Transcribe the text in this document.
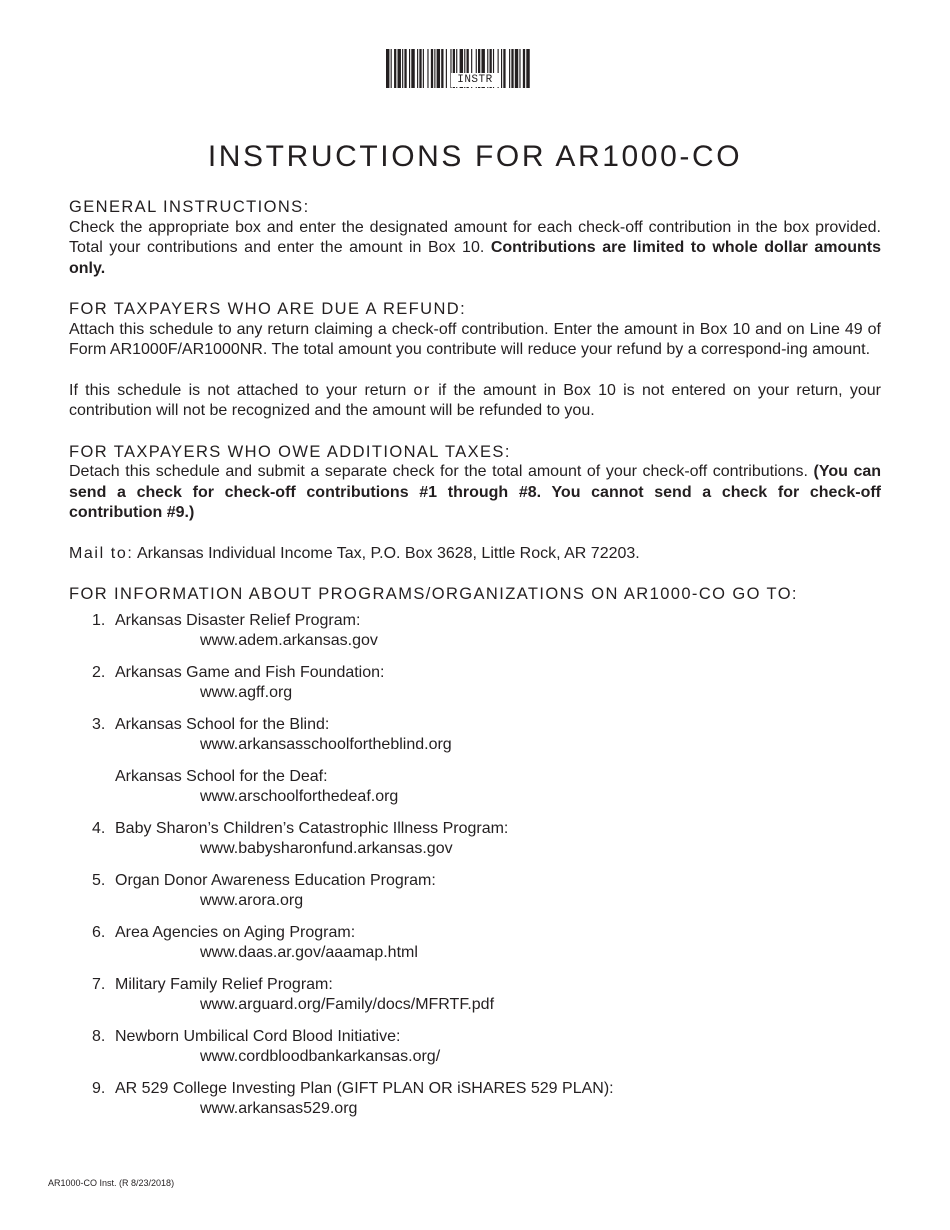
INSTR
INSTRUCTIONS FOR AR1000-CO
GENERAL INSTRUCTIONS:

Check the appropriate box and enter the designated amount for each check-off contribution in the box provided. Total your contributions and enter the amount in Box 10. Contributions are limited to whole dollar amounts only.

FOR TAXPAYERS WHO ARE DUE A REFUND:

Attach this schedule to any return claiming a check-off contribution. Enter the amount in Box 10 and on Line 49 of Form AR1000F/AR1000NR. The total amount you contribute will reduce your refund by a correspond-ing amount.

If this schedule is not attached to your return or if the amount in Box 10 is not entered on your return, your contribution will not be recognized and the amount will be refunded to you.

FOR TAXPAYERS WHO OWE ADDITIONAL TAXES:

Detach this schedule and submit a separate check for the total amount of your check-off contributions. (You can send a check for check-off contributions #1 through #8. You cannot send a check for check-off contribution #9.)

Mail to: Arkansas Individual Income Tax, P.O. Box 3628, Little Rock, AR 72203.

FOR INFORMATION ABOUT PROGRAMS/ORGANIZATIONS ON AR1000-CO GO TO:
1. Arkansas Disaster Relief Program:
www.adem.arkansas.gov
2. Arkansas Game and Fish Foundation:
www.agff.org
3. Arkansas School for the Blind:
www.arkansasschoolfortheblind.org
Arkansas School for the Deaf:
www.arschoolforthedeaf.org
4. Baby Sharon’s Children’s Catastrophic Illness Program:
www.babysharonfund.arkansas.gov
5. Organ Donor Awareness Education Program:
www.arora.org
6. Area Agencies on Aging Program:
www.daas.ar.gov/aaamap.html
7. Military Family Relief Program:
www.arguard.org/Family/docs/MFRTF.pdf
8. Newborn Umbilical Cord Blood Initiative:
www.cordbloodbankarkansas.org/
9. AR 529 College Investing Plan (GIFT PLAN OR iSHARES 529 PLAN):
www.arkansas529.org
AR1000-CO Inst. (R 8/23/2018)
